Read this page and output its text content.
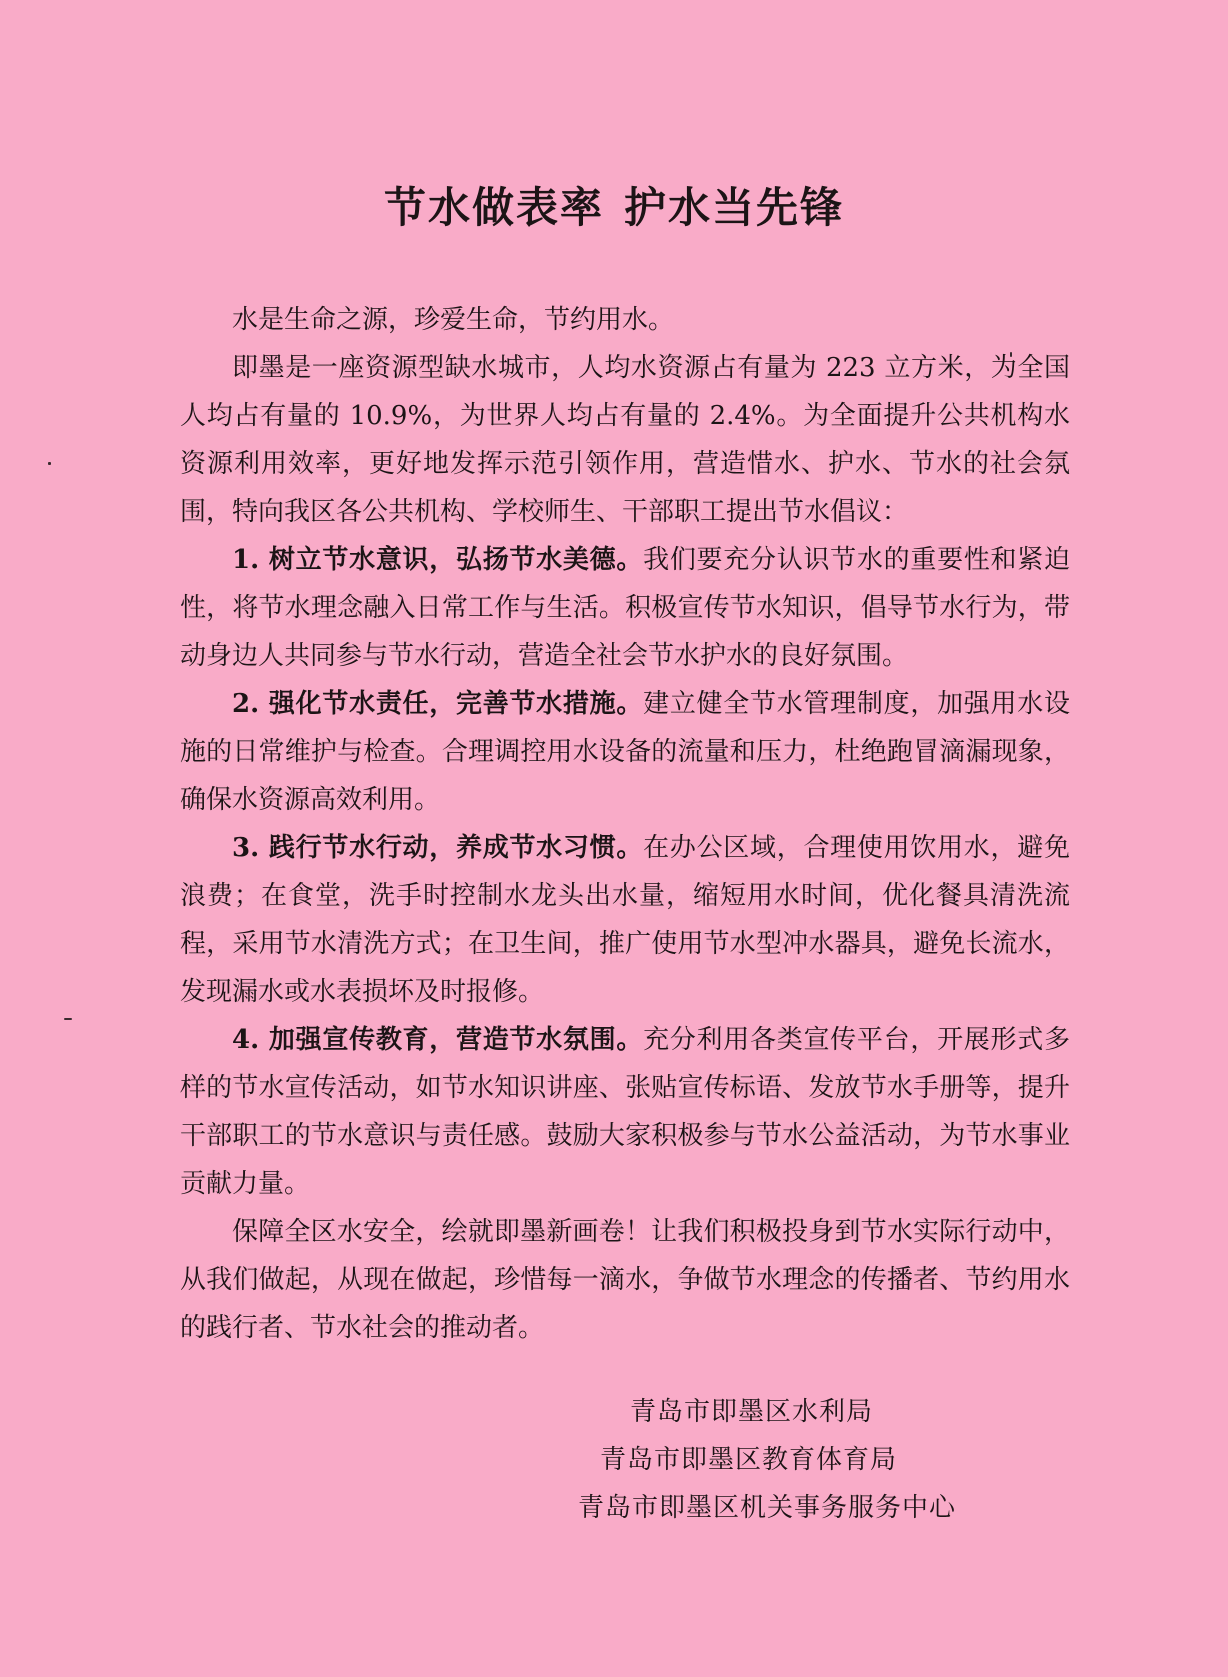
节水做表率 护水当先锋

水是生命之源，珍爱生命，节约用水。

即墨是一座资源型缺水城市，人均水资源占有量为 223 立方米，为全国人均占有量的 10.9%，为世界人均占有量的 2.4%。为全面提升公共机构水资源利用效率，更好地发挥示范引领作用，营造惜水、护水、节水的社会氛围，特向我区各公共机构、学校师生、干部职工提出节水倡议：

1. 树立节水意识，弘扬节水美德。我们要充分认识节水的重要性和紧迫性，将节水理念融入日常工作与生活。积极宣传节水知识，倡导节水行为，带动身边人共同参与节水行动，营造全社会节水护水的良好氛围。

2. 强化节水责任，完善节水措施。建立健全节水管理制度，加强用水设施的日常维护与检查。合理调控用水设备的流量和压力，杜绝跑冒滴漏现象，确保水资源高效利用。

3. 践行节水行动，养成节水习惯。在办公区域，合理使用饮用水，避免浪费；在食堂，洗手时控制水龙头出水量，缩短用水时间，优化餐具清洗流程，采用节水清洗方式；在卫生间，推广使用节水型冲水器具，避免长流水，发现漏水或水表损坏及时报修。

4. 加强宣传教育，营造节水氛围。充分利用各类宣传平台，开展形式多样的节水宣传活动，如节水知识讲座、张贴宣传标语、发放节水手册等，提升干部职工的节水意识与责任感。鼓励大家积极参与节水公益活动，为节水事业贡献力量。

保障全区水安全，绘就即墨新画卷！让我们积极投身到节水实际行动中，从我们做起，从现在做起，珍惜每一滴水，争做节水理念的传播者、节约用水的践行者、节水社会的推动者。

青岛市即墨区水利局
青岛市即墨区教育体育局
青岛市即墨区机关事务服务中心
